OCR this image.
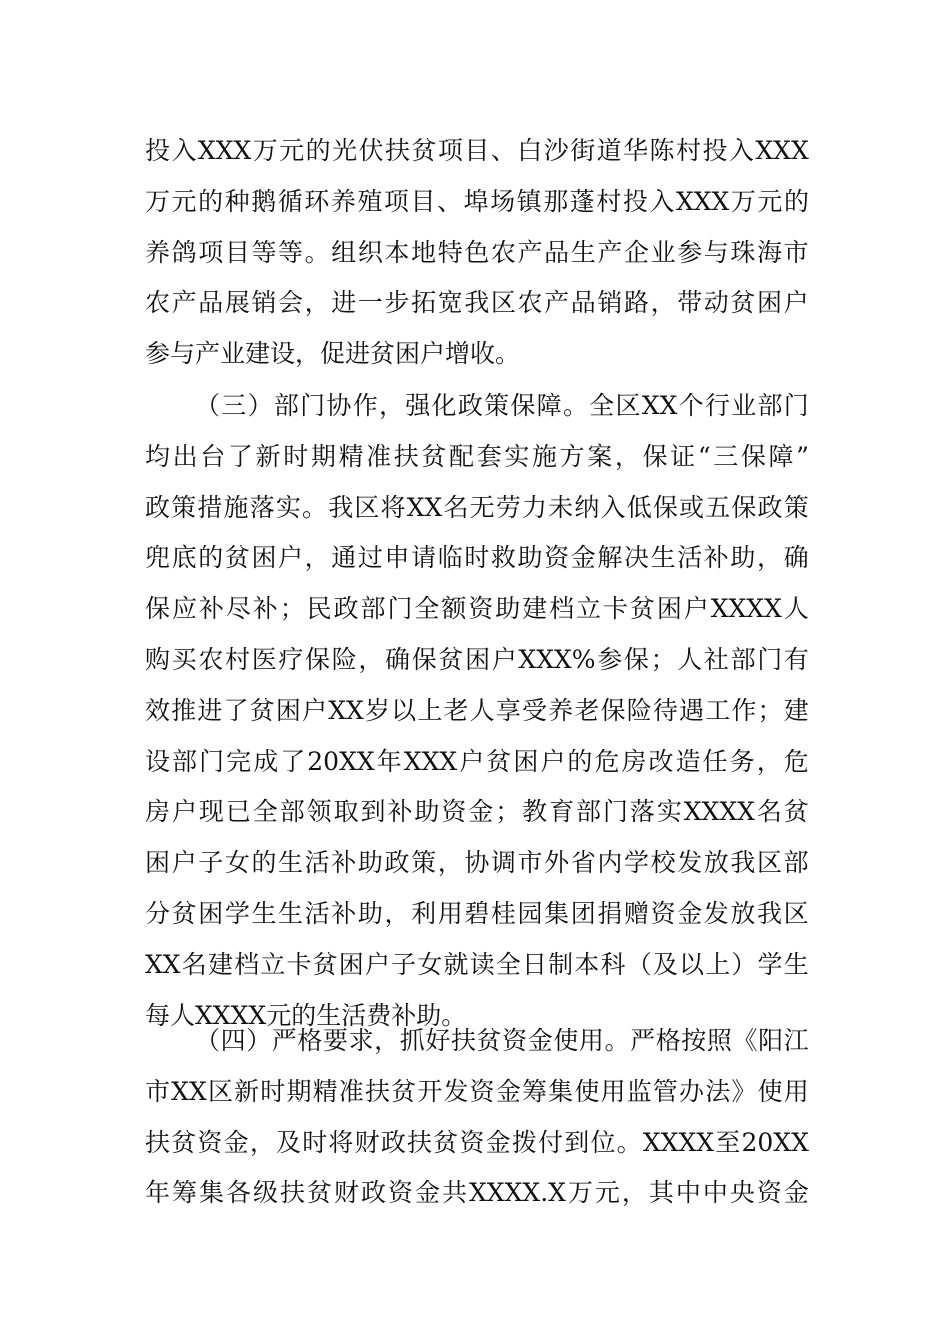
投 入 XXX 万 元 的 光 伏 扶 贫 项 目 、 白 沙 街 道 华 陈 村 投 入 XXX
万 元 的 种 鹅 循 环 养 殖 项 目 、 埠 场 镇 那 蓬 村 投 入 XXX 万 元 的
养 鸽 项 目 等 等 。 组 织 本 地 特 色 农 产 品 生 产 企 业 参 与 珠 海 市
农 产 品 展 销 会 ， 进 一 步 拓 宽 我 区 农 产 品 销 路 ， 带 动 贫 困 户
参与产业建设，促进贫困户增收。
（ 三 ） 部 门 协 作 ， 强 化 政 策 保 障 。 全 区 XX 个 行 业 部 门
均 出 台 了 新 时 期 精 准 扶 贫 配 套 实 施 方 案 ， 保 证 “ 三 保 障 ”
政 策 措 施 落 实 。 我 区 将 XX 名 无 劳 力 未 纳 入 低 保 或 五 保 政 策
兜 底 的 贫 困 户 ， 通 过 申 请 临 时 救 助 资 金 解 决 生 活 补 助 ， 确
保 应 补 尽 补 ； 民 政 部 门 全 额 资 助 建 档 立 卡 贫 困 户 XXXX 人
购 买 农 村 医 疗 保 险 ， 确 保 贫 困 户 XXX% 参 保 ； 人 社 部 门 有
效 推 进 了 贫 困 户 XX 岁 以 上 老 人 享 受 养 老 保 险 待 遇 工 作 ； 建
设 部 门 完 成 了 20XX 年 XXX 户 贫 困 户 的 危 房 改 造 任 务 ， 危
房 户 现 已 全 部 领 取 到 补 助 资 金 ； 教 育 部 门 落 实 XXXX 名 贫
困 户 子 女 的 生 活 补 助 政 策 ， 协 调 市 外 省 内 学 校 发 放 我 区 部
分 贫 困 学 生 生 活 补 助 ， 利 用 碧 桂 园 集 团 捐 赠 资 金 发 放 我 区
XX 名 建 档 立 卡 贫 困 户 子 女 就 读 全 日 制 本 科 （ 及 以 上 ） 学 生
每人XXXX元的生活费补助。
（ 四 ） 严 格 要 求 ， 抓 好 扶 贫 资 金 使 用 。 严 格 按 照 《 阳 江
市 XX 区 新 时 期 精 准 扶 贫 开 发 资 金 筹 集 使 用 监 管 办 法 》 使 用
扶 贫 资 金 ， 及 时 将 财 政 扶 贫 资 金 拨 付 到 位 。 XXXX 至 20XX
年 筹 集 各 级 扶 贫 财 政 资 金 共 XXXX.X 万 元 ， 其 中 中 央 资 金
